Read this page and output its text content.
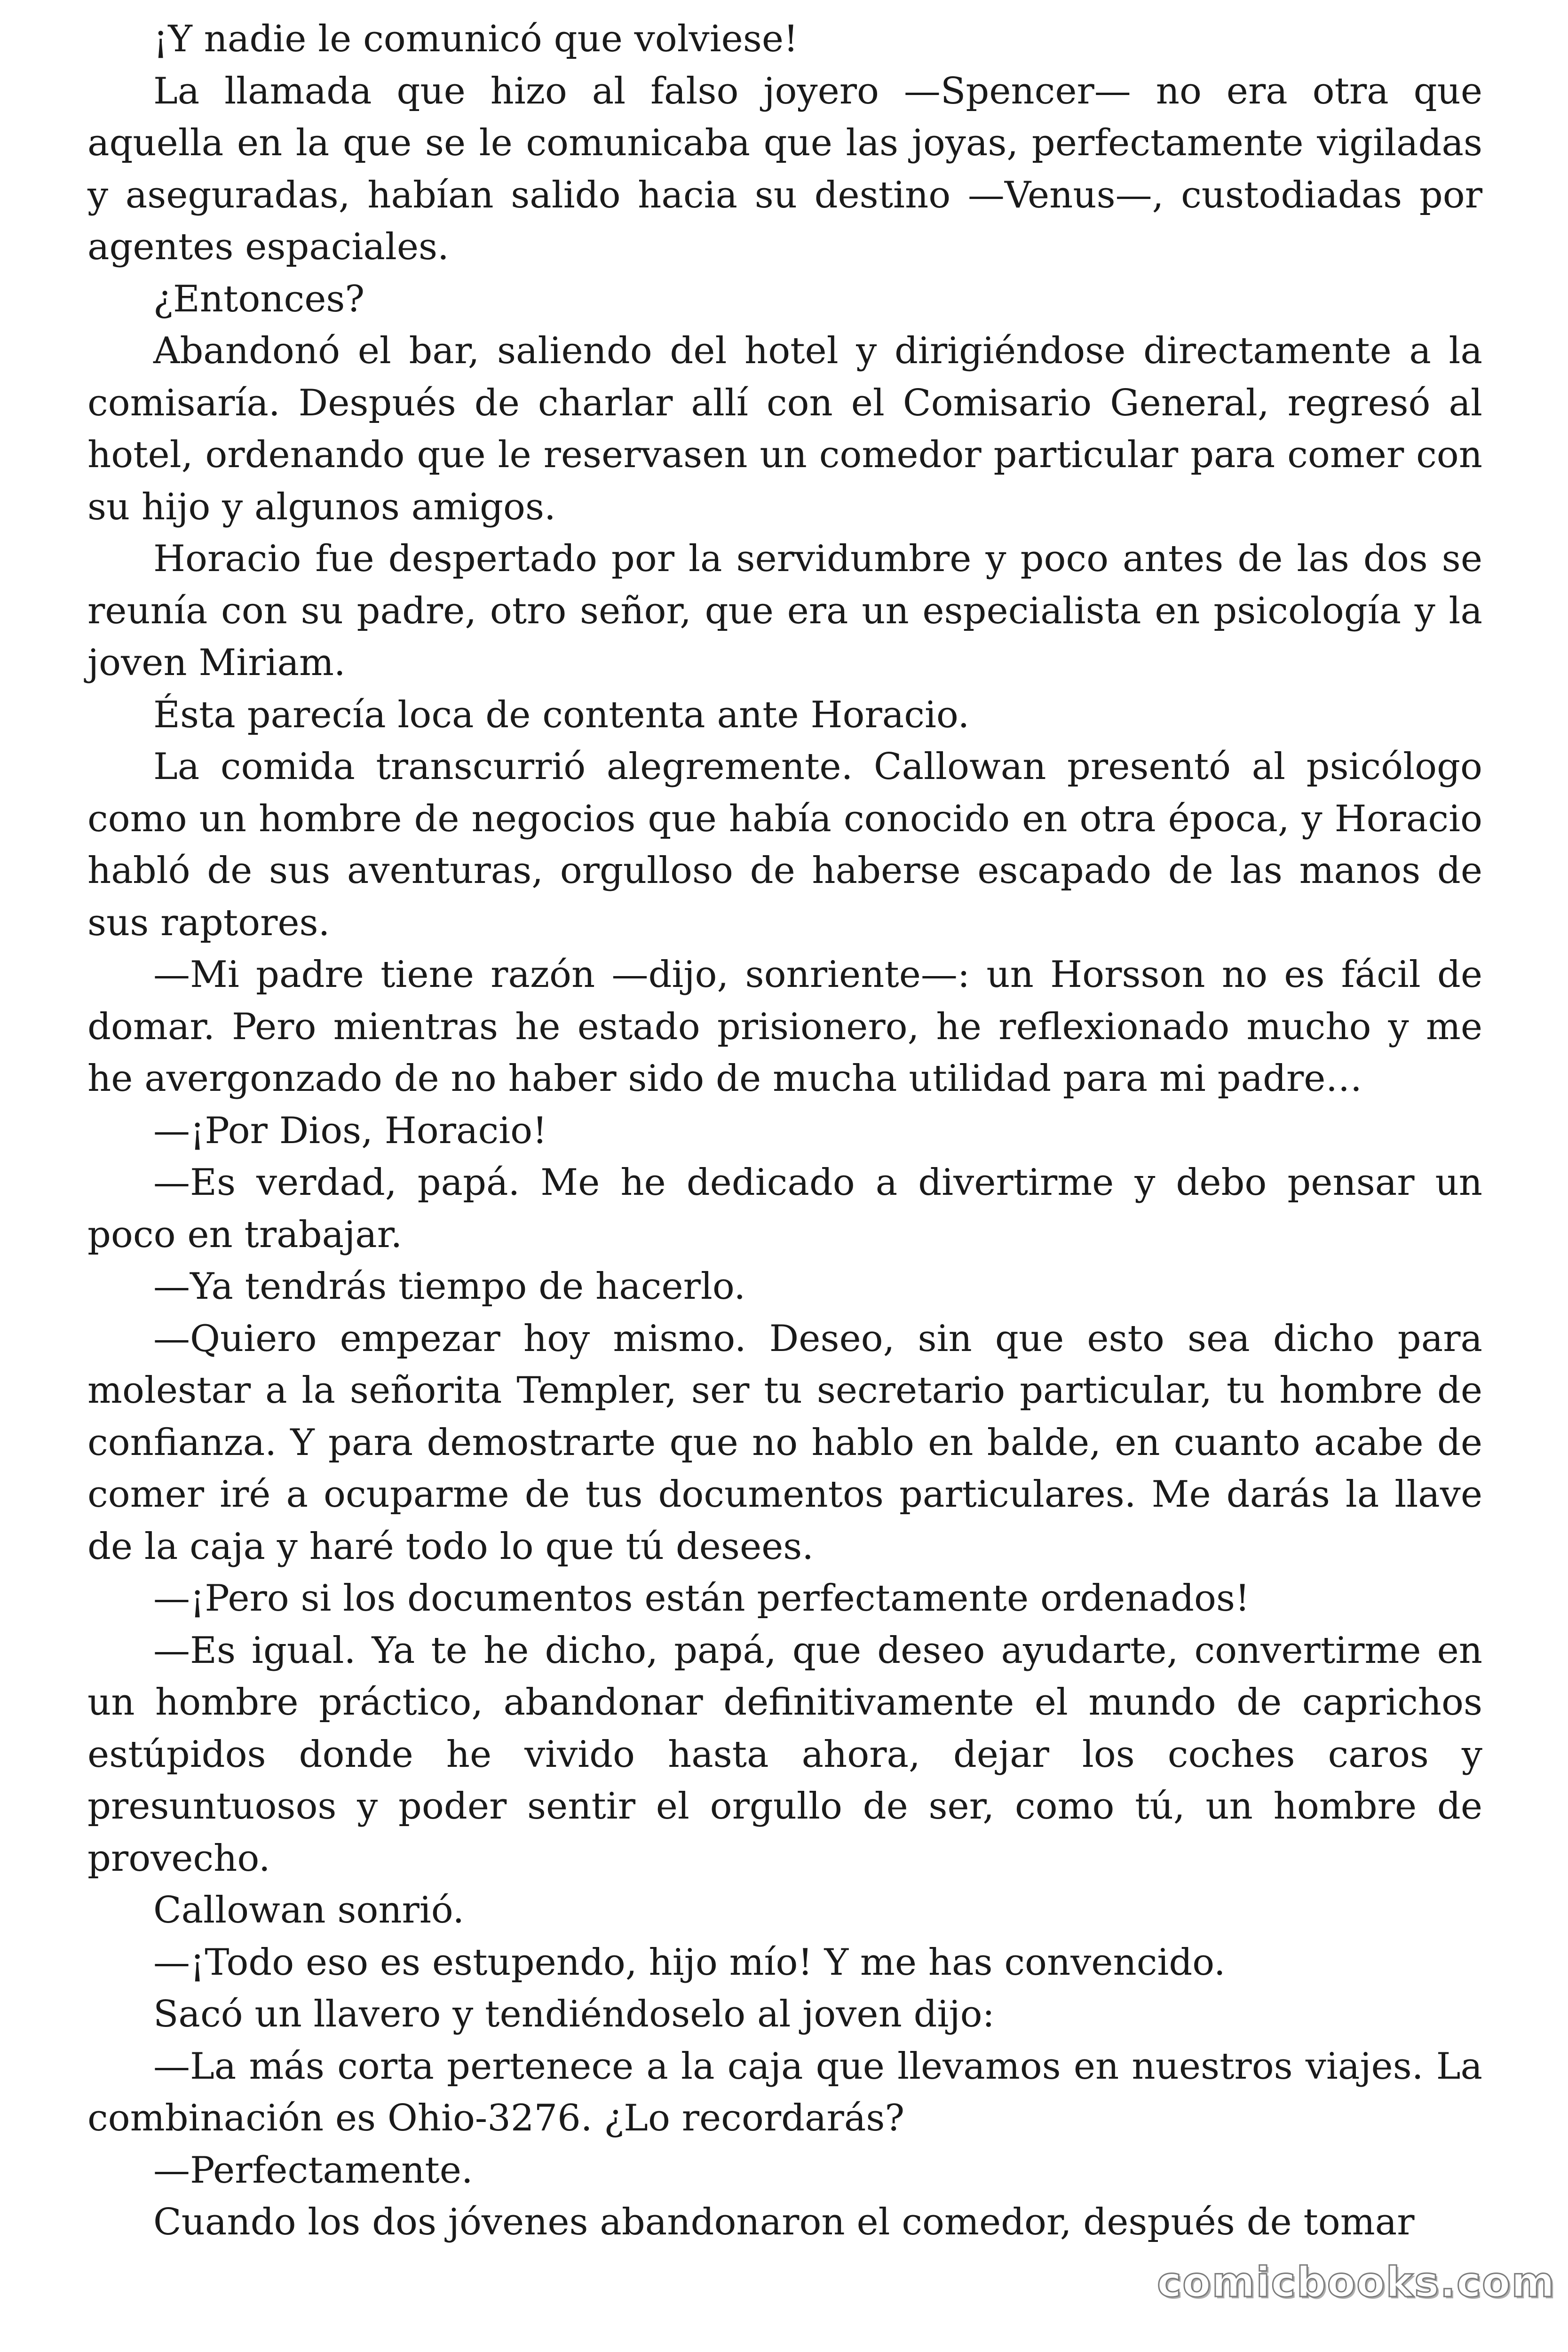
¡Y nadie le comunicó que volviese!

La llamada que hizo al falso joyero —Spencer— no era otra que aquella en la que se le comunicaba que las joyas, perfectamente vigiladas y aseguradas, habían salido hacia su destino —Venus—, custodiadas por agentes espaciales.

¿Entonces?

Abandonó el bar, saliendo del hotel y dirigiéndose directamente a la comisaría. Después de charlar allí con el Comisario General, regresó al hotel, ordenando que le reservasen un comedor particular para comer con su hijo y algunos amigos.

Horacio fue despertado por la servidumbre y poco antes de las dos se reunía con su padre, otro señor, que era un especialista en psicología y la joven Miriam.

Ésta parecía loca de contenta ante Horacio.

La comida transcurrió alegremente. Callowan presentó al psicólogo como un hombre de negocios que había conocido en otra época, y Horacio habló de sus aventuras, orgulloso de haberse escapado de las manos de sus raptores.

—Mi padre tiene razón —dijo, sonriente—: un Horsson no es fácil de domar. Pero mientras he estado prisionero, he reflexionado mucho y me he avergonzado de no haber sido de mucha utilidad para mi padre…

—¡Por Dios, Horacio!

—Es verdad, papá. Me he dedicado a divertirme y debo pensar un poco en trabajar.

—Ya tendrás tiempo de hacerlo.

—Quiero empezar hoy mismo. Deseo, sin que esto sea dicho para molestar a la señorita Templer, ser tu secretario particular, tu hombre de confianza. Y para demostrarte que no hablo en balde, en cuanto acabe de comer iré a ocuparme de tus documentos particulares. Me darás la llave de la caja y haré todo lo que tú desees.

—¡Pero si los documentos están perfectamente ordenados!

—Es igual. Ya te he dicho, papá, que deseo ayudarte, convertirme en un hombre práctico, abandonar definitivamente el mundo de caprichos estúpidos donde he vivido hasta ahora, dejar los coches caros y presuntuosos y poder sentir el orgullo de ser, como tú, un hombre de provecho.

Callowan sonrió.

—¡Todo eso es estupendo, hijo mío! Y me has convencido.

Sacó un llavero y tendiéndoselo al joven dijo:

—La más corta pertenece a la caja que llevamos en nuestros viajes. La combinación es Ohio-3276. ¿Lo recordarás?

—Perfectamente.

Cuando los dos jóvenes abandonaron el comedor, después de tomar

comicbooks.com
